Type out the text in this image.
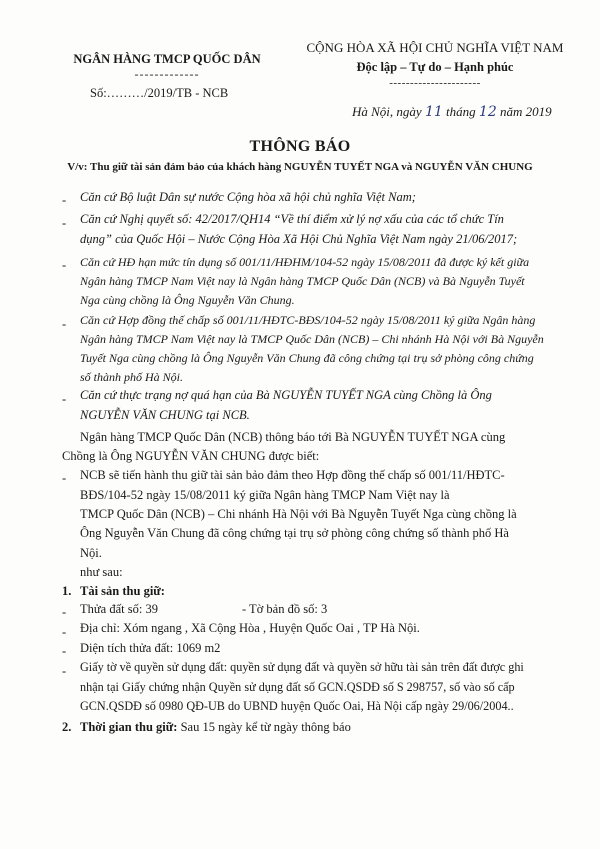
NGÂN HÀNG TMCP QUỐC DÂN
-------------
Số:………/2019/TB - NCB
CỘNG HÒA XÃ HỘI CHỦ NGHĨA VIỆT NAM
Độc lập – Tự do – Hạnh phúc
----------------------
Hà Nội, ngày 11 tháng 12 năm 2019
THÔNG BÁO
V/v: Thu giữ tài sản đảm bảo của khách hàng NGUYỄN TUYẾT NGA và NGUYỄN VĂN CHUNG
- Căn cứ Bộ luật Dân sự nước Cộng hòa xã hội chủ nghĩa Việt Nam;
- Căn cứ Nghị quyết số: 42/2017/QH14 “Về thí điểm xử lý nợ xấu của các tổ chức Tín
dụng” của Quốc Hội – Nước Cộng Hòa Xã Hội Chủ Nghĩa Việt Nam ngày 21/06/2017;
- Căn cứ HĐ hạn mức tín dụng số 001/11/HĐHM/104-52 ngày 15/08/2011 đã được ký kết giữa
Ngân hàng TMCP Nam Việt nay là Ngân hàng TMCP Quốc Dân (NCB) và Bà Nguyễn Tuyết
Nga cùng chồng là Ông Nguyễn Văn Chung.
- Căn cứ Hợp đồng thế chấp số 001/11/HĐTC-BĐS/104-52 ngày 15/08/2011 ký giữa Ngân hàng
Ngân hàng TMCP Nam Việt nay là TMCP Quốc Dân (NCB) – Chi nhánh Hà Nội với Bà Nguyễn
Tuyết Nga cùng chồng là Ông Nguyễn Văn Chung đã công chứng tại trụ sở phòng công chứng
số thành phố Hà Nội.
- Căn cứ thực trạng nợ quá hạn của Bà NGUYỄN TUYẾT NGA cùng Chồng là Ông
NGUYỄN VĂN CHUNG tại NCB.
Ngân hàng TMCP Quốc Dân (NCB) thông báo tới Bà NGUYỄN TUYẾT NGA cùng
Chồng là Ông NGUYỄN VĂN CHUNG được biết:
- NCB sẽ tiến hành thu giữ tài sản bảo đảm theo Hợp đồng thế chấp số 001/11/HĐTC-
BĐS/104-52 ngày 15/08/2011 ký giữa Ngân hàng TMCP Nam Việt nay là
TMCP Quốc Dân (NCB) – Chi nhánh Hà Nội với Bà Nguyễn Tuyết Nga cùng chồng là
Ông Nguyễn Văn Chung đã công chứng tại trụ sở phòng công chứng số thành phố Hà
Nội.
như sau:
1. Tài sản thu giữ:
- Thửa đất số: 39	- Tờ bản đồ số: 3
- Địa chỉ: Xóm ngang , Xã Cộng Hòa , Huyện Quốc Oai , TP Hà Nội.
- Diện tích thửa đất: 1069 m2
- Giấy tờ về quyền sử dụng đất: quyền sử dụng đất và quyền sở hữu tài sản trên đất được ghi
nhận tại Giấy chứng nhận Quyền sử dụng đất số GCN.QSDĐ số S 298757, số vào số cấp
GCN.QSDĐ số 0980 QĐ-UB do UBND huyện Quốc Oai, Hà Nội cấp ngày 29/06/2004..
2. Thời gian thu giữ: Sau 15 ngày kể từ ngày thông báo
